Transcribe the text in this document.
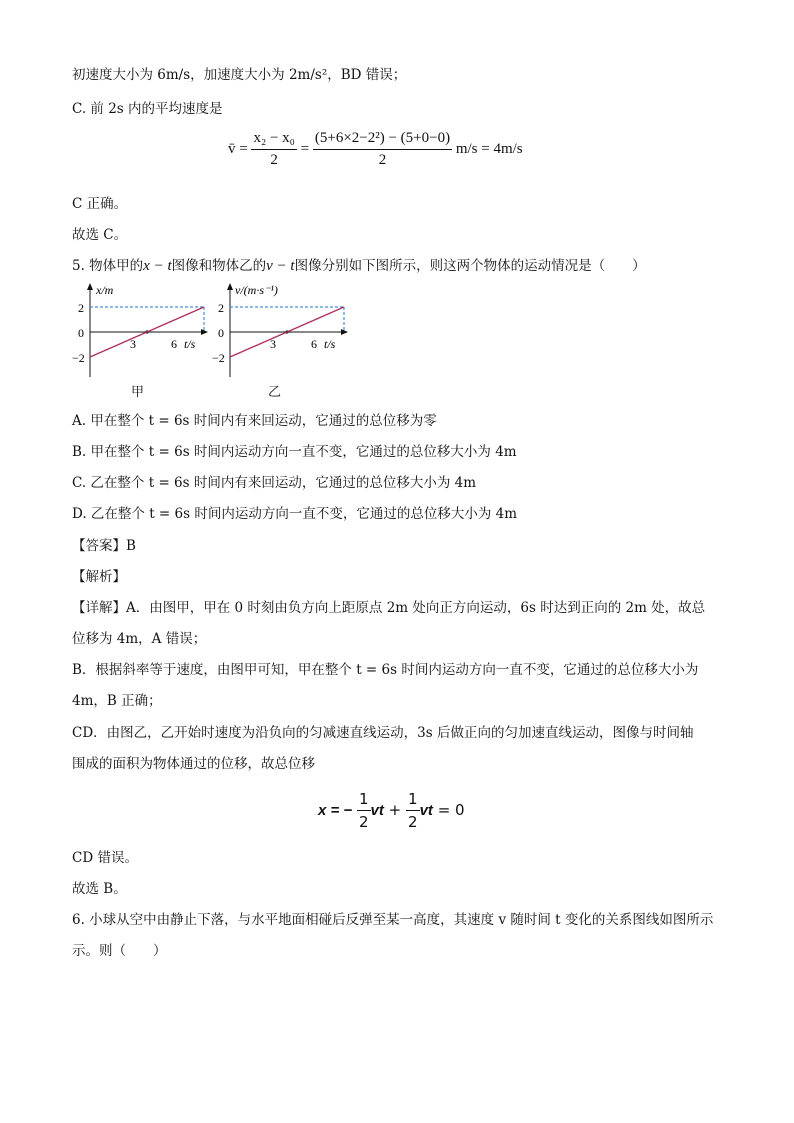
初速度大小为 6m/s，加速度大小为 2m/s²，BD 错误；
C. 前 2s 内的平均速度是
v̄ = $\frac{\text{x₂ − x₀}}{2} = \frac{\text{(5+6×2−2²) − (5+0−0)}}{2} m/s = 4m/s$
C 正确。
故选 C。
5. 物体甲的x − t图像和物体乙的v − t图像分别如下图所示，则这两个物体的运动情况是（　　）
x/m
2
0
−2
3	6 t/s
甲
v/(m·s⁻¹)
2
0
−2
3	6 t/s
乙
A. 甲在整个 t = 6s 时间内有来回运动，它通过的总位移为零
B. 甲在整个 t = 6s 时间内运动方向一直不变，它通过的总位移大小为 4m
C. 乙在整个 t = 6s 时间内有来回运动，它通过的总位移大小为 4m
D. 乙在整个 t = 6s 时间内运动方向一直不变，它通过的总位移大小为 4m
【答案】B
【解析】
【详解】A．由图甲，甲在 0 时刻由负方向上距原点 2m 处向正方向运动，6s 时达到正向的 2m 处，故总
位移为 4m，A 错误；
B．根据斜率等于速度，由图甲可知，甲在整个 t = 6s 时间内运动方向一直不变，它通过的总位移大小为
4m，B 正确；
CD．由图乙，乙开始时速度为沿负向的匀减速直线运动，3s 后做正向的匀加速直线运动，图像与时间轴
围成的面积为物体通过的位移，故总位移
x = − $\frac{1}{2}$ vt + $\frac{1}{2}$ vt = 0
CD 错误。
故选 B。
6. 小球从空中由静止下落，与水平地面相碰后反弹至某一高度，其速度 v 随时间 t 变化的关系图线如图所示
示。则（　　）
